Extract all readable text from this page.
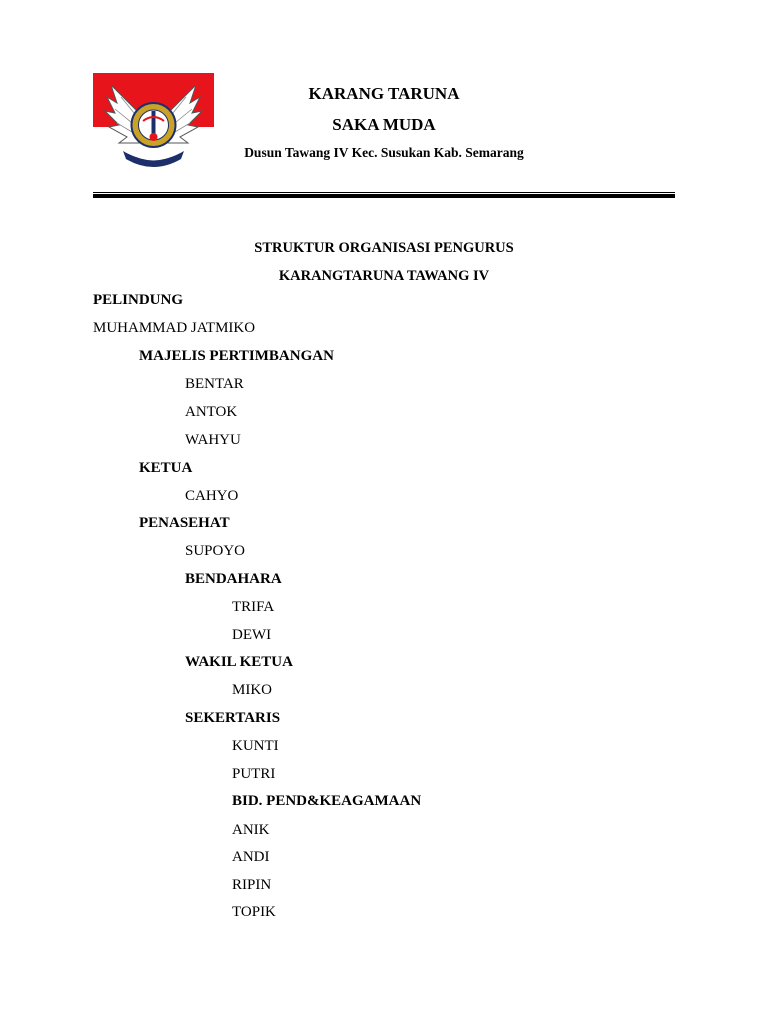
KARANG TARUNA
SAKA MUDA
Dusun Tawang IV Kec. Susukan Kab. Semarang
STRUKTUR ORGANISASI PENGURUS
KARANGTARUNA TAWANG IV
PELINDUNG
MUHAMMAD JATMIKO
MAJELIS PERTIMBANGAN
BENTAR
ANTOK
WAHYU
KETUA
CAHYO
PENASEHAT
SUPOYO
BENDAHARA
TRIFA
DEWI
WAKIL KETUA
MIKO
SEKERTARIS
KUNTI
PUTRI
BID. PEND&KEAGAMAAN
ANIK
ANDI
RIPIN
TOPIK
